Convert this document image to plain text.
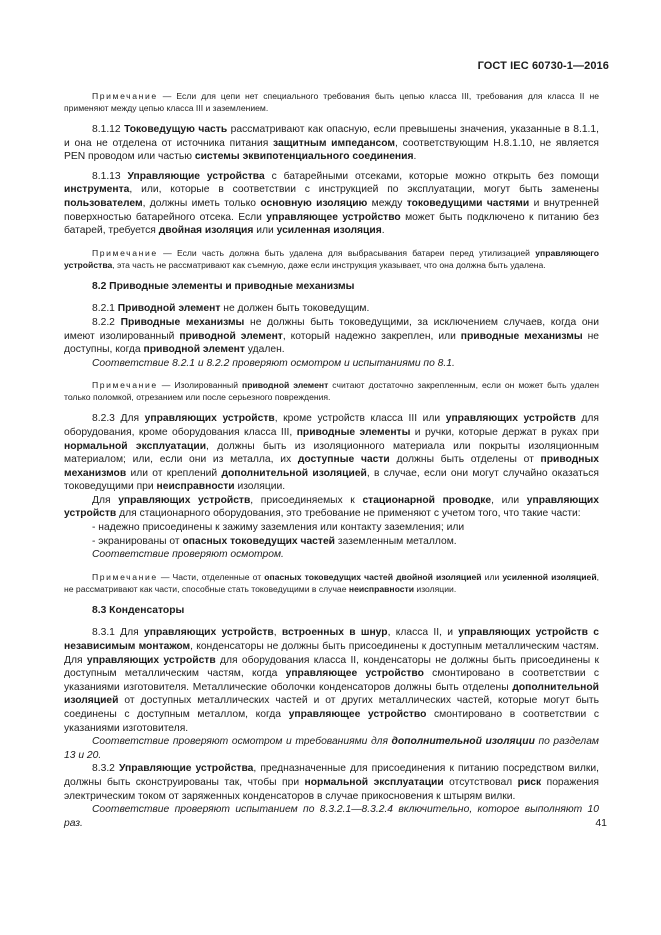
ГОСТ IEC 60730-1—2016

Примечание — Если для цепи нет специального требования быть цепью класса III, требования для класса II не применяют между цепью класса III и заземлением.

8.1.12 Токоведущую часть рассматривают как опасную, если превышены значения, указанные в 8.1.1, и она не отделена от источника питания защитным импедансом, соответствующим Н.8.1.10, не является PEN проводом или частью системы эквипотенциального соединения.

8.1.13 Управляющие устройства с батарейными отсеками, которые можно открыть без помощи инструмента, или, которые в соответствии с инструкцией по эксплуатации, могут быть заменены пользователем, должны иметь только основную изоляцию между токоведущими частями и внутренней поверхностью батарейного отсека. Если управляющее устройство может быть подключено к питанию без батарей, требуется двойная изоляция или усиленная изоляция.

Примечание — Если часть должна быть удалена для выбрасывания батареи перед утилизацией управляющего устройства, эта часть не рассматривают как съемную, даже если инструкция указывает, что она должна быть удалена.

8.2 Приводные элементы и приводные механизмы

8.2.1 Приводной элемент не должен быть токоведущим.

8.2.2 Приводные механизмы не должны быть токоведущими, за исключением случаев, когда они имеют изолированный приводной элемент, который надежно закреплен, или приводные механизмы не доступны, когда приводной элемент удален.

Соответствие 8.2.1 и 8.2.2 проверяют осмотром и испытаниями по 8.1.

Примечание — Изолированный приводной элемент считают достаточно закрепленным, если он может быть удален только поломкой, отрезанием или после серьезного повреждения.

8.2.3 Для управляющих устройств, кроме устройств класса III или управляющих устройств для оборудования, кроме оборудования класса III, приводные элементы и ручки, которые держат в руках при нормальной эксплуатации, должны быть из изоляционного материала или покрыты изоляционным материалом; или, если они из металла, их доступные части должны быть отделены от приводных механизмов или от креплений дополнительной изоляцией, в случае, если они могут случайно оказаться токоведущими при неисправности изоляции.

Для управляющих устройств, присоединяемых к стационарной проводке, или управляющих устройств для стационарного оборудования, это требование не применяют с учетом того, что такие части:

- надежно присоединены к зажиму заземления или контакту заземления; или

- экранированы от опасных токоведущих частей заземленным металлом.

Соответствие проверяют осмотром.

Примечание — Части, отделенные от опасных токоведущих частей двойной изоляцией или усиленной изоляцией, не рассматривают как части, способные стать токоведущими в случае неисправности изоляции.

8.3 Конденсаторы

8.3.1 Для управляющих устройств, встроенных в шнур, класса II, и управляющих устройств с независимым монтажом, конденсаторы не должны быть присоединены к доступным металлическим частям. Для управляющих устройств для оборудования класса II, конденсаторы не должны быть присоединены к доступным металлическим частям, когда управляющее устройство смонтировано в соответствии с указаниями изготовителя. Металлические оболочки конденсаторов должны быть отделены дополнительной изоляцией от доступных металлических частей и от других металлических частей, которые могут быть соединены с доступным металлом, когда управляющее устройство смонтировано в соответствии с указаниями изготовителя.

Соответствие проверяют осмотром и требованиями для дополнительной изоляции по разделам 13 и 20.

8.3.2 Управляющие устройства, предназначенные для присоединения к питанию посредством вилки, должны быть сконструированы так, чтобы при нормальной эксплуатации отсутствовал риск поражения электрическим током от заряженных конденсаторов в случае прикосновения к штырям вилки.

Соответствие проверяют испытанием по 8.3.2.1—8.3.2.4 включительно, которое выполняют 10 раз.	41
